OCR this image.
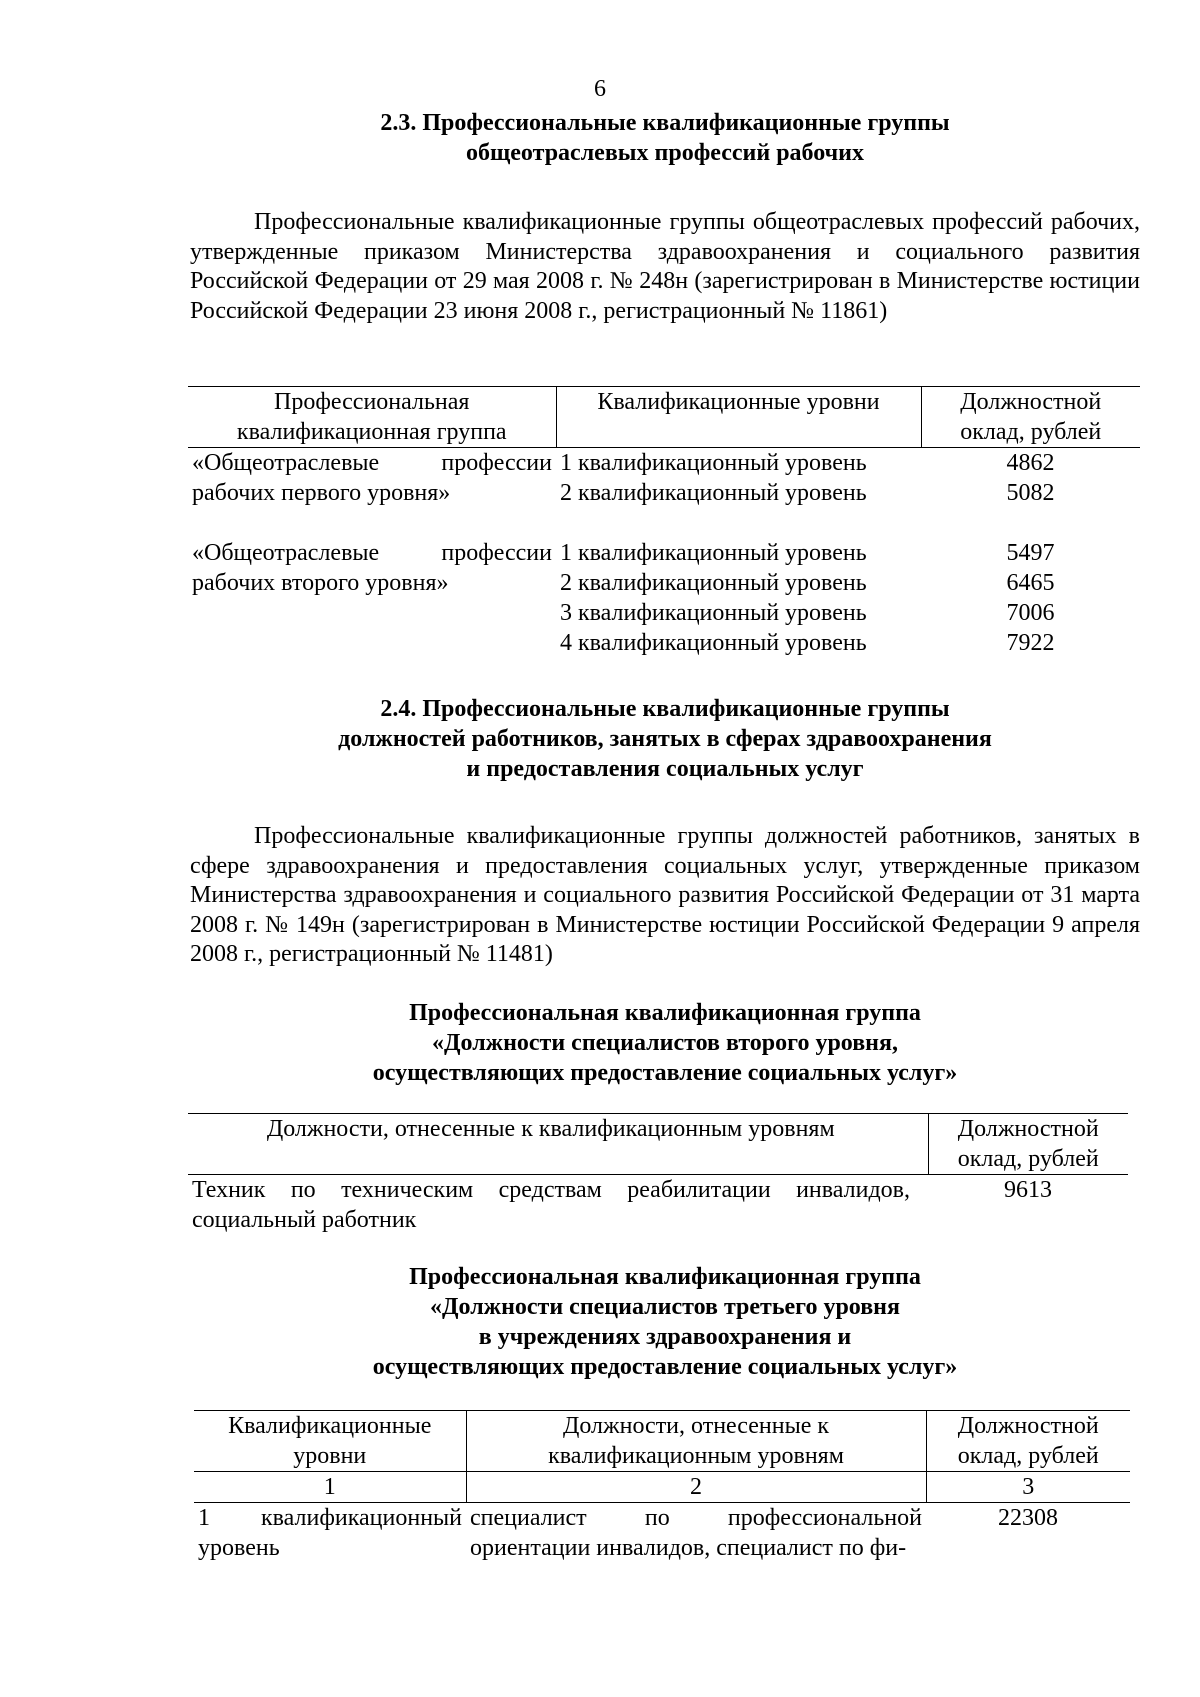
6
2.3. Профессиональные квалификационные группы
общеотраслевых профессий рабочих

Профессиональные квалификационные группы общеотраслевых профессий рабочих, утвержденные приказом Министерства здравоохранения и социального развития Российской Федерации от 29 мая 2008 г. № 248н (зарегистрирован в Министерстве юстиции Российской Федерации 23 июня 2008 г., регистрационный № 11861)

Профессиональная квалификационная группа	Квалификационные уровни	Должностной оклад, рублей
«Общеотраслевые профессии рабочих первого уровня»	1 квалификационный уровень	4862
	2 квалификационный уровень	5082

«Общеотраслевые профессии рабочих второго уровня»	1 квалификационный уровень	5497
	2 квалификационный уровень	6465
	3 квалификационный уровень	7006
	4 квалификационный уровень	7922
2.4. Профессиональные квалификационные группы
должностей работников, занятых в сферах здравоохранения
и предоставления социальных услуг

Профессиональные квалификационные группы должностей работников, занятых в сфере здравоохранения и предоставления социальных услуг, утвержденные приказом Министерства здравоохранения и социального развития Российской Федерации от 31 марта 2008 г. № 149н (зарегистрирован в Министерстве юстиции Российской Федерации 9 апреля 2008 г., регистрационный № 11481)

Профессиональная квалификационная группа
«Должности специалистов второго уровня,
осуществляющих предоставление социальных услуг»
Должности, отнесенные к квалификационным уровням	Должностной оклад, рублей
Техник по техническим средствам реабилитации инвалидов, социальный работник	9613
Профессиональная квалификационная группа
«Должности специалистов третьего уровня
в учреждениях здравоохранения и
осуществляющих предоставление социальных услуг»
Квалификационные уровни	Должности, отнесенные к квалификационным уровням	Должностной оклад, рублей
1	2	3
1 квалификационный уровень	специалист по профессиональной ориентации инвалидов, специалист по фи-	22308
